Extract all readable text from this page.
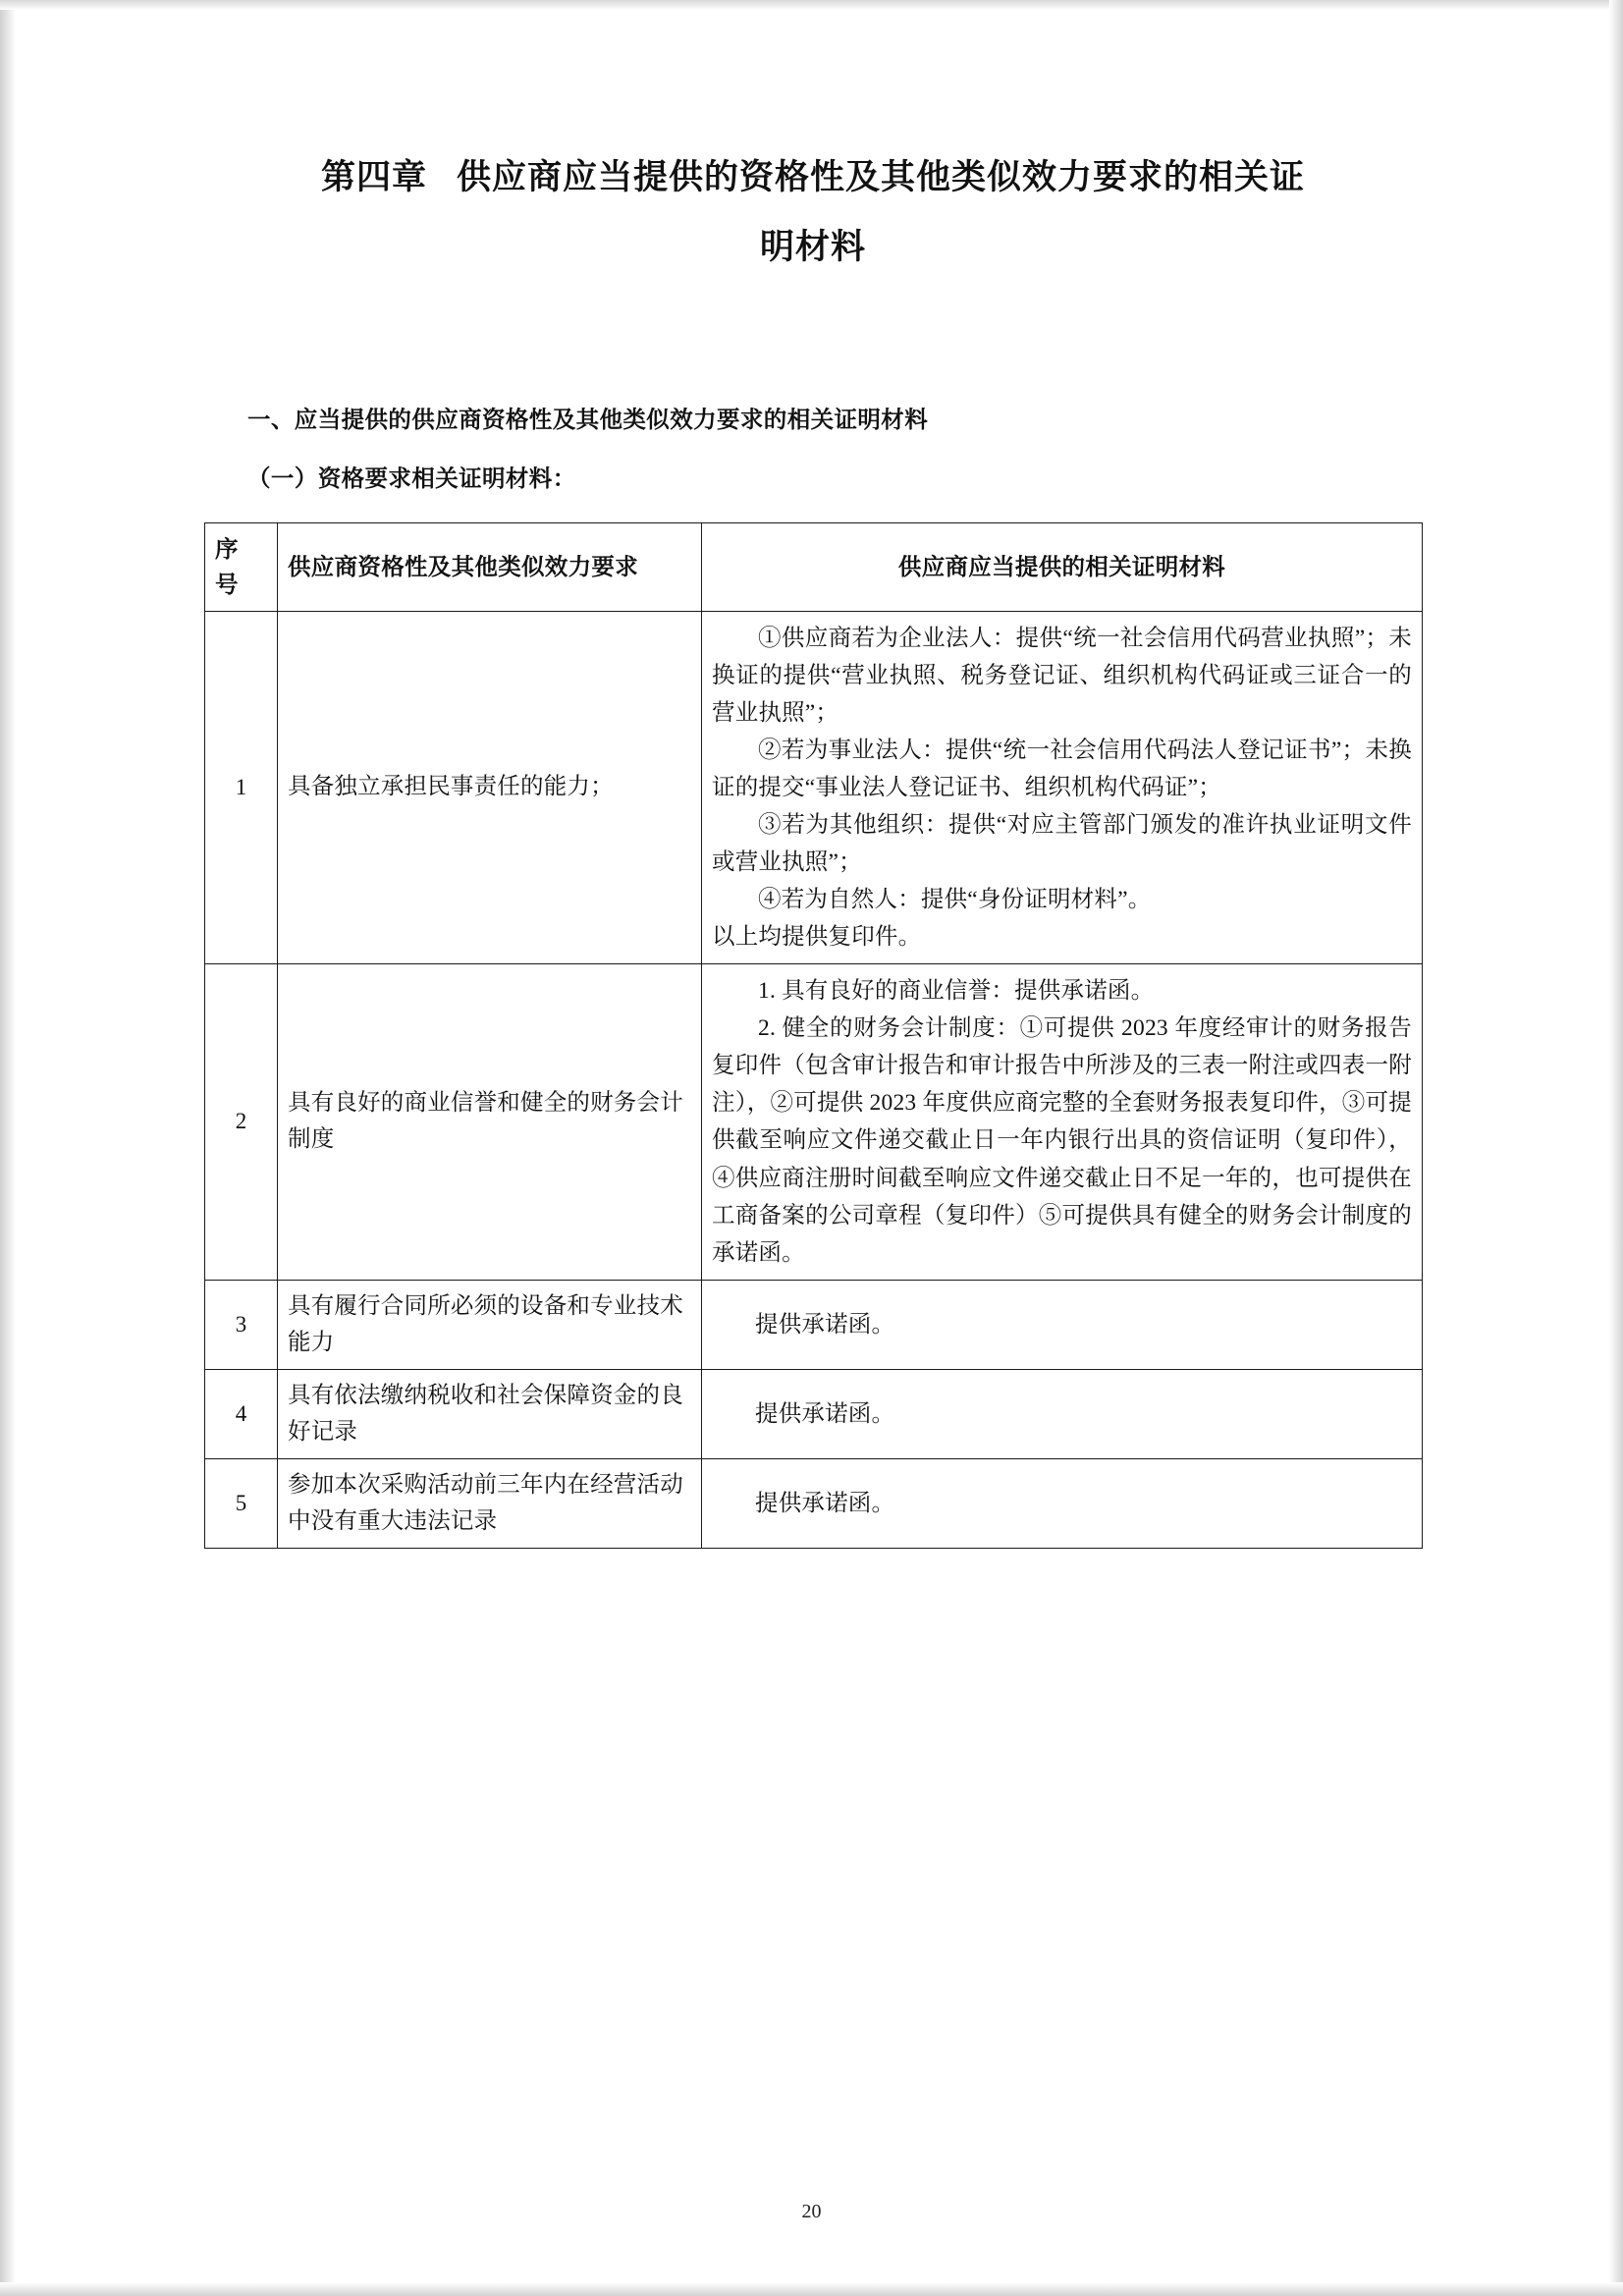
第四章 供应商应当提供的资格性及其他类似效力要求的相关证
明材料

一、应当提供的供应商资格性及其他类似效力要求的相关证明材料

（一）资格要求相关证明材料：

序
号	供应商资格性及其他类似效力要求	供应商应当提供的相关证明材料
1	具备独立承担民事责任的能力；	①供应商若为企业法人：提供“统一社会信用代码营业执照”；未换证的提供“营业执照、税务登记证、组织机构代码证或三证合一的营业执照”；

②若为事业法人：提供“统一社会信用代码法人登记证书”；未换证的提交“事业法人登记证书、组织机构代码证”；

③若为其他组织：提供“对应主管部门颁发的准许执业证明文件或营业执照”；

④若为自然人：提供“身份证明材料”。

以上均提供复印件。

2	具有良好的商业信誉和健全的财务会计制度	1. 具有良好的商业信誉：提供承诺函。

2. 健全的财务会计制度：①可提供 2023 年度经审计的财务报告复印件（包含审计报告和审计报告中所涉及的三表一附注或四表一附注），②可提供 2023 年度供应商完整的全套财务报表复印件，③可提供截至响应文件递交截止日一年内银行出具的资信证明（复印件），④供应商注册时间截至响应文件递交截止日不足一年的，也可提供在工商备案的公司章程（复印件）⑤可提供具有健全的财务会计制度的承诺函。

3	具有履行合同所必须的设备和专业技术能力	提供承诺函。

4	具有依法缴纳税收和社会保障资金的良好记录	提供承诺函。

5	参加本次采购活动前三年内在经营活动中没有重大违法记录	提供承诺函。

20
